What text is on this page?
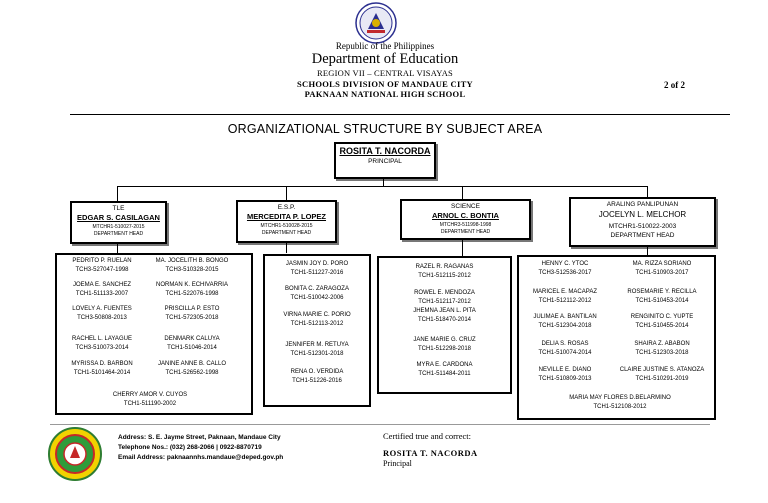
Republic of the Philippines
Department of Education
REGION VII – CENTRAL VISAYAS
SCHOOLS DIVISION OF MANDAUE CITY
PAKNAAN NATIONAL HIGH SCHOOL
2 of 2
ORGANIZATIONAL STRUCTURE BY SUBJECT AREA
ROSITA T. NACORDA
PRINCIPAL
TLE
EDGAR S. CASILAGAN
MTCHR1-510027-2015
DEPARTMENT HEAD
E.S.P.
MERCEDITA P. LOPEZ
MTCHR1-510028-2015
DEPARTMENT HEAD
SCIENCE
ARNOL C. BONTIA
MTCHR3-511998-1998
DEPARTMENT HEAD
ARALING PANLIPUNAN
JOCELYN L. MELCHOR
MTCHR1-510022-2003
DEPARTMENT HEAD
PEDRITO P. RUELAN
TCH3-527047-1998
MA. JOCELITH B. BONGO
TCH3-510328-2015
JOEMA E. SANCHEZ
TCH1-511133-2007
NORMAN K. ECHIVARRIA
TCH1-522076-1998
LOVELY A. FUENTES
TCH3-50808-2013
PRISCILLA P. ESTO
TCH1-572305-2018
RACHEL L. LAYAGUE
TCH3-510073-2014
DENMARK CALUYA
TCH1-51046-2014
MYRISSA D. BARBON
TCH1-5101464-2014
JANINE ANNE B. CALLO
TCH1-526562-1998
CHERRY AMOR V. CUYOS
TCH1-511190-2002
JASMIN JOY D. PORO
TCH1-511227-2016
BONITA C. ZARAGOZA
TCH1-510042-2006
VIRNA MARIE C. PORIO
TCH1-512113-2012
JENNIFER M. RETUYA
TCH1-512301-2018
RENA O. VERDIDA
TCH1-51226-2016
RAZEL R. RAGANAS
TCH1-512115-2012
ROWEL E. MENDOZA
TCH1-512117-2012
JHEMNA JEAN L. PITA
TCH1-518470-2014
JANE MARIE G. CRUZ
TCH1-512298-2018
MYRA E. CARDONA
TCH1-511484-2011
HENNY C. YTOC
TCH3-512536-2017
MA. RIZZA SORIANO
TCH1-510903-2017
MARICEL E. MACAPAZ
TCH1-512112-2012
ROSEMARIE Y. RECILLA
TCH1-510453-2014
JULIMAE A. BANTILAN
TCH1-512304-2018
RENGINITO C. YUPTE
TCH1-510455-2014
DELIA S. ROSAS
TCH1-510074-2014
SHAIRA Z. ABABON
TCH1-512303-2018
NEVILLE E. DIANO
TCH1-510809-2013
CLAIRE JUSTINE S. ATANOZA
TCH1-510291-2019
MARIA MAY FLORES D.BELARMINO
TCH1-512108-2012
Address: S. E. Jayme Street, Paknaan, Mandaue City
Telephone Nos.: (032) 268-2066 | 0922-8870719
Email Address: paknaannhs.mandaue@deped.gov.ph
Certified true and correct:
ROSITA T. NACORDA
Principal
